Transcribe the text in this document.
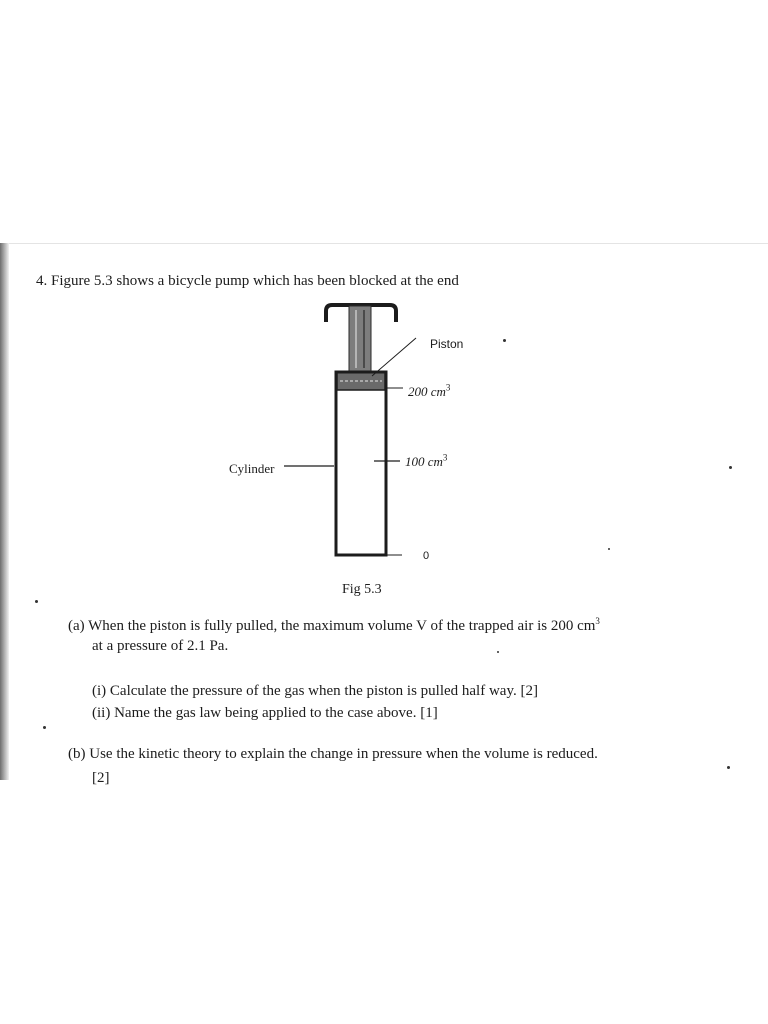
4. Figure 5.3 shows a bicycle pump which has been blocked at the end
Piston
200 $cm^3$
100 $cm^3$
0
Cylinder
Fig 5.3
(a) When the piston is fully pulled, the maximum volume V of the trapped air is 200 $cm^3$
at a pressure of 2.1 Pa.
(i) Calculate the pressure of the gas when the piston is pulled half way. [2]
(ii) Name the gas law being applied to the case above. [1]
(b) Use the kinetic theory to explain the change in pressure when the volume is reduced.
[2]
